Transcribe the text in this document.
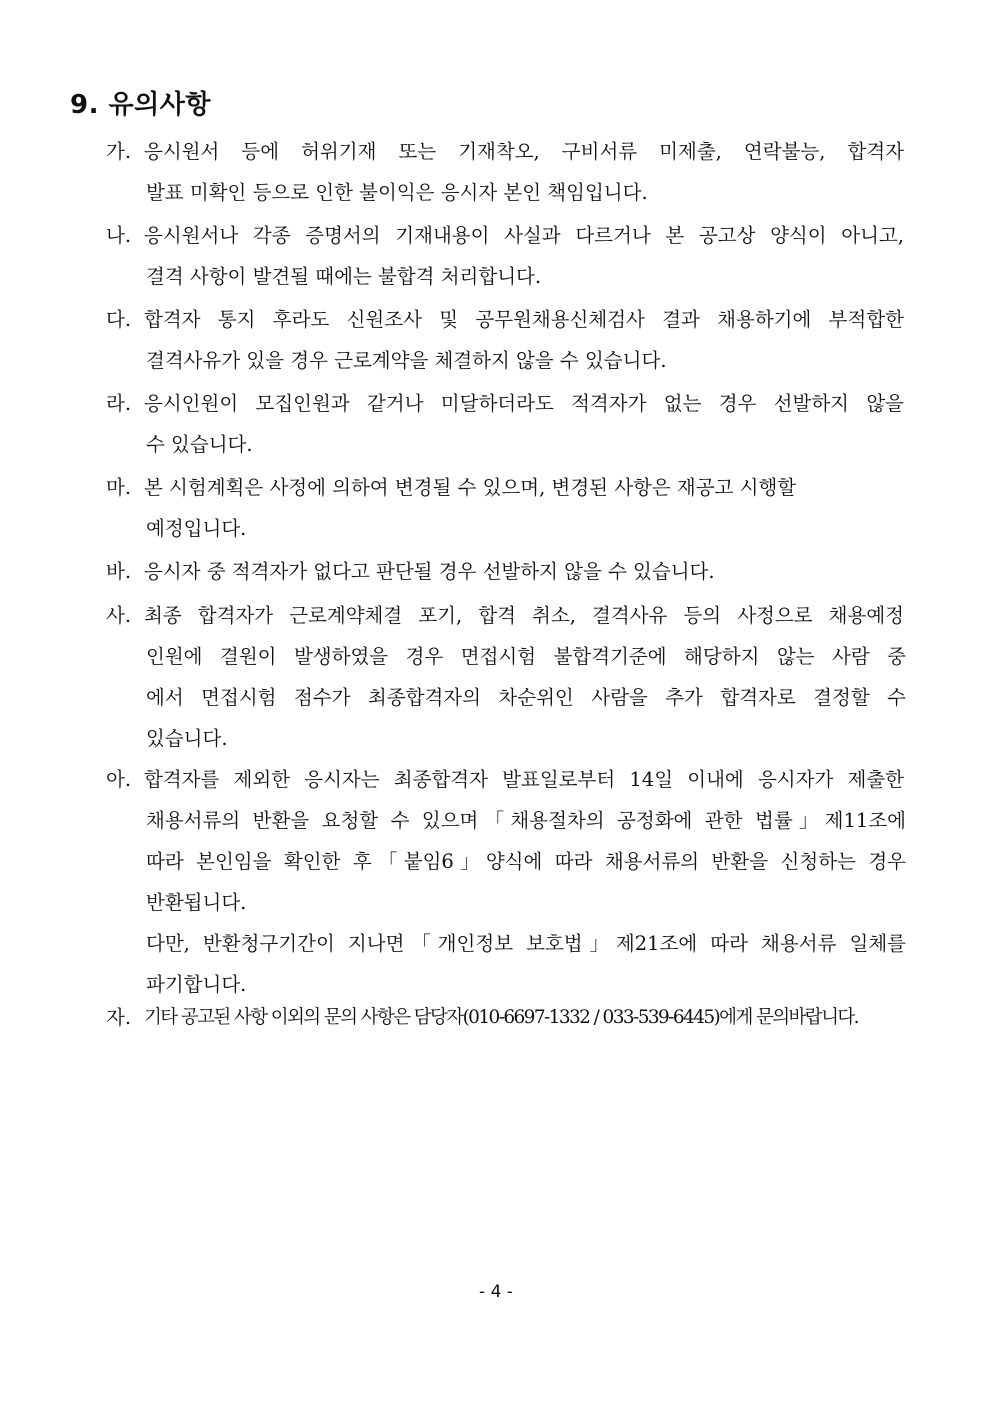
9. 유의사항
가. 응시원서 등에 허위기재 또는 기재착오, 구비서류 미제출, 연락불능, 합격자
발표 미확인 등으로 인한 불이익은 응시자 본인 책임입니다.
나. 응시원서나 각종 증명서의 기재내용이 사실과 다르거나 본 공고상 양식이 아니고,
결격 사항이 발견될 때에는 불합격 처리합니다.
다. 합격자 통지 후라도 신원조사 및 공무원채용신체검사 결과 채용하기에 부적합한
결격사유가 있을 경우 근로계약을 체결하지 않을 수 있습니다.
라. 응시인원이 모집인원과 같거나 미달하더라도 적격자가 없는 경우 선발하지 않을
수 있습니다.
마. 본 시험계획은 사정에 의하여 변경될 수 있으며, 변경된 사항은 재공고 시행할
예정입니다.
바. 응시자 중 적격자가 없다고 판단될 경우 선발하지 않을 수 있습니다.
사. 최종 합격자가 근로계약체결 포기, 합격 취소, 결격사유 등의 사정으로 채용예정
인원에 결원이 발생하였을 경우 면접시험 불합격기준에 해당하지 않는 사람 중
에서 면접시험 점수가 최종합격자의 차순위인 사람을 추가 합격자로 결정할 수
있습니다.
아. 합격자를 제외한 응시자는 최종합격자 발표일로부터 14일 이내에 응시자가 제출한
채용서류의 반환을 요청할 수 있으며「채용절차의 공정화에 관한 법률」제11조에
따라 본인임을 확인한 후「붙임6」양식에 따라 채용서류의 반환을 신청하는 경우
반환됩니다.
다만, 반환청구기간이 지나면「개인정보 보호법」제21조에 따라 채용서류 일체를
파기합니다.
자. 기타 공고된 사항 이외의 문의 사항은 담당자(010-6697-1332 / 033-539-6445)에게 문의바랍니다.
- 4 -
